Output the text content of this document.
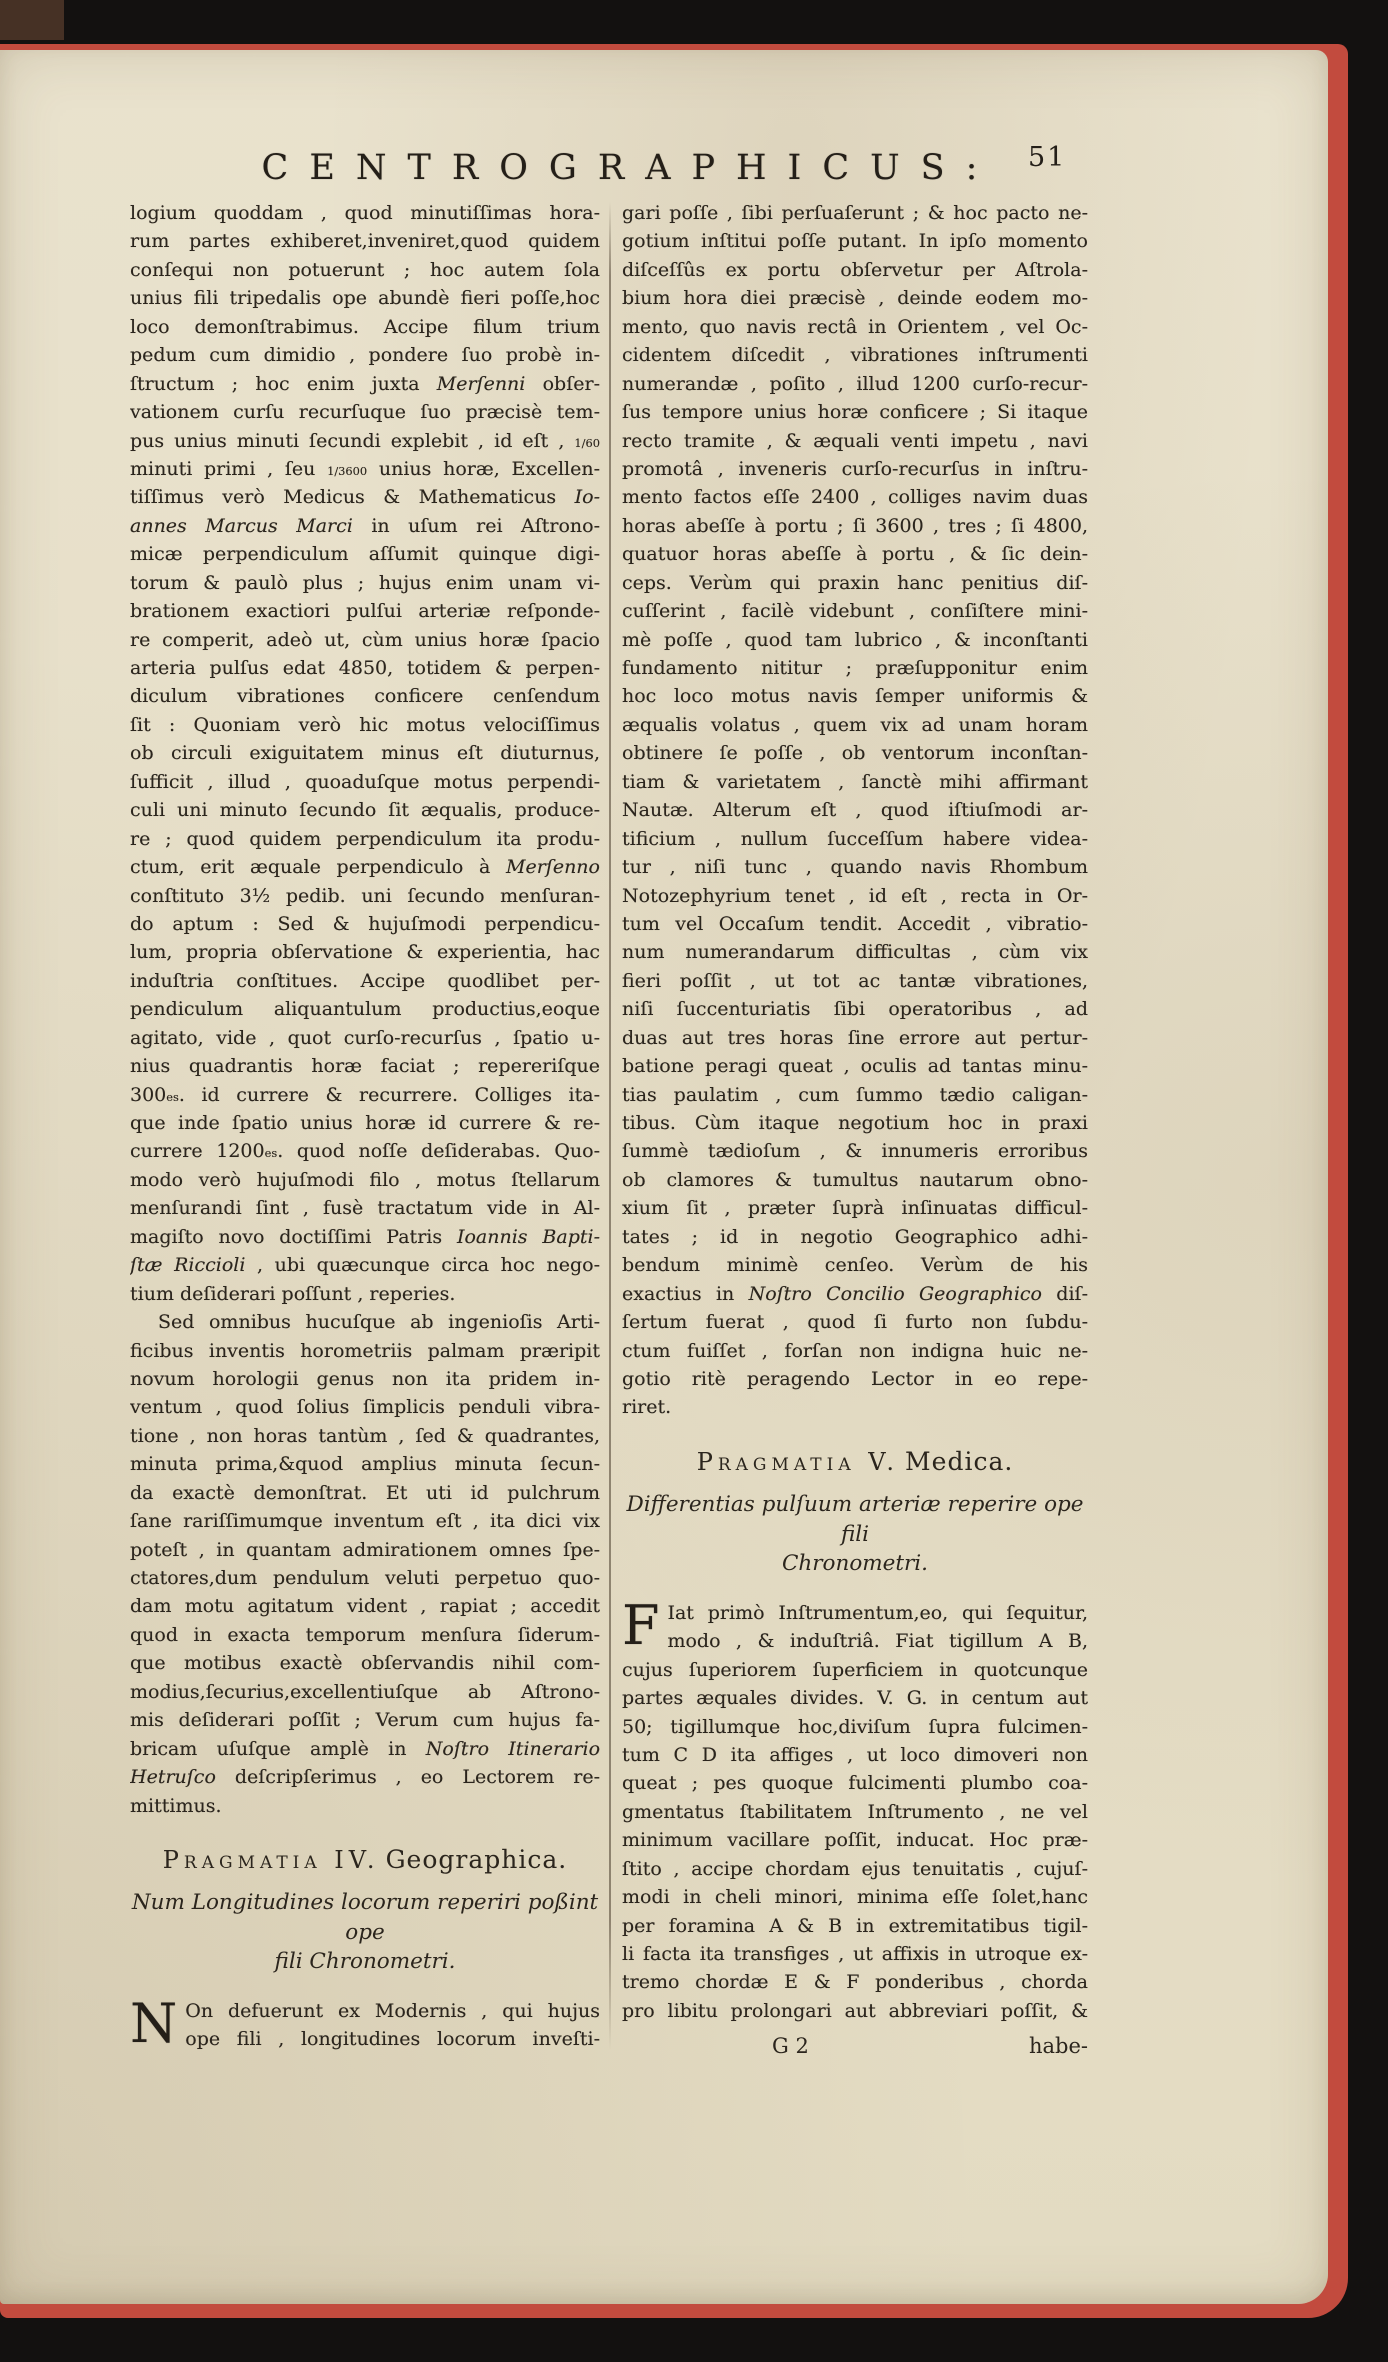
CENTROGRAPHICUS:	51
logium quoddam , quod minutiſſimas hora-
rum partes exhiberet,inveniret,quod quidem
conſequi non potuerunt ; hoc autem ſola
unius fili tripedalis ope abundè fieri poſſe,hoc
loco demonſtrabimus. Accipe filum trium
pedum cum dimidio , pondere ſuo probè in-
ſtructum ; hoc enim juxta Merſenni obſer-
vationem curſu recurſuque ſuo præcisè tem-
pus unius minuti ſecundi explebit , id eſt , $^{1/60}$
minuti primi , ſeu $^{1/3600}$ unius horæ, Excellen-
tiſſimus verò Medicus & Mathematicus Io-
annes Marcus Marci in uſum rei Aſtrono-
micæ perpendiculum aſſumit quinque digi-
torum & paulò plus ; hujus enim unam vi-
brationem exactiori pulſui arteriæ reſponde-
re comperit, adeò ut, cùm unius horæ ſpacio
arteria pulſus edat 4850, totidem & perpen-
diculum vibrationes conficere cenſendum
ſit : Quoniam verò hic motus velociſſimus
ob circuli exiguitatem minus eſt diuturnus,
ſufficit , illud , quoaduſque motus perpendi-
culi uni minuto ſecundo ſit æqualis, produce-
re ; quod quidem perpendiculum ita produ-
ctum, erit æquale perpendiculo à Merſenno
conſtituto 3½ pedib. uni ſecundo menſuran-
do aptum : Sed & hujuſmodi perpendicu-
lum, propria obſervatione & experientia, hac
induſtria conſtitues. Accipe quodlibet per-
pendiculum aliquantulum productius,eoque
agitato, vide , quot curſo-recurſus , ſpatio u-
nius quadrantis horæ faciat ; repereriſque
$300^{es}$. id currere & recurrere. Colliges ita-
que inde ſpatio unius horæ id currere & re-
currere $1200^{es}$. quod noſſe deſiderabas. Quo-
modo verò hujuſmodi filo , motus ſtellarum
menſurandi ſint , fusè tractatum vide in Al-
magiſto novo doctiſſimi Patris Ioannis Bapti-
ſtæ Riccioli , ubi quæcunque circa hoc nego-
tium deſiderari poſſunt , reperies.
Sed omnibus hucuſque ab ingenioſis Arti-
ficibus inventis horometriis palmam præripit
novum horologii genus non ita pridem in-
ventum , quod ſolius ſimplicis penduli vibra-
tione , non horas tantùm , ſed & quadrantes,
minuta prima,&quod amplius minuta ſecun-
da exactè demonſtrat. Et uti id pulchrum
ſane rariſſimumque inventum eſt , ita dici vix
poteſt , in quantam admirationem omnes ſpe-
ctatores,dum pendulum veluti perpetuo quo-
dam motu agitatum vident , rapiat ; accedit
quod in exacta temporum menſura ſiderum-
que motibus exactè obſervandis nihil com-
modius,ſecurius,excellentiuſque ab Aſtrono-
mis deſiderari poſſit ; Verum cum hujus fa-
bricam uſuſque amplè in Noſtro Itinerario
Hetruſco deſcripſerimus , eo Lectorem re-
mittimus.
Pragmatia IV. Geographica.
Num Longitudines locorum reperiri poßint ope
fili Chronometri.
N On defuerunt ex Modernis , qui hujus
ope fili , longitudines locorum inveſti-
gari poſſe , ſibi perſuaſerunt ; & hoc pacto ne-
gotium inſtitui poſſe putant. In ipſo momento
diſceſſûs ex portu obſervetur per Aſtrola-
bium hora diei præcisè , deinde eodem mo-
mento, quo navis rectâ in Orientem , vel Oc-
cidentem diſcedit , vibrationes inſtrumenti
numerandæ , poſito , illud 1200 curſo-recur-
ſus tempore unius horæ conficere ; Si itaque
recto tramite , & æquali venti impetu , navi
promotâ , inveneris curſo-recurſus in inſtru-
mento factos eſſe 2400 , colliges navim duas
horas abeſſe à portu ; ſi 3600 , tres ; ſi 4800,
quatuor horas abeſſe à portu , & ſic dein-
ceps. Verùm qui praxin hanc penitius diſ-
cuſſerint , facilè videbunt , conſiſtere mini-
mè poſſe , quod tam lubrico , & inconſtanti
fundamento nititur ; præſupponitur enim
hoc loco motus navis ſemper uniformis &
æqualis volatus , quem vix ad unam horam
obtinere ſe poſſe , ob ventorum inconſtan-
tiam & varietatem , ſanctè mihi affirmant
Nautæ. Alterum eſt , quod iſtiuſmodi ar-
tificium , nullum ſucceſſum habere videa-
tur , niſi tunc , quando navis Rhombum
Notozephyrium tenet , id eſt , recta in Or-
tum vel Occaſum tendit. Accedit , vibratio-
num numerandarum difficultas , cùm vix
fieri poſſit , ut tot ac tantæ vibrationes,
niſi ſuccenturiatis ſibi operatoribus , ad
duas aut tres horas ſine errore aut pertur-
batione peragi queat , oculis ad tantas minu-
tias paulatim , cum ſummo tædio caligan-
tibus. Cùm itaque negotium hoc in praxi
ſummè tædioſum , & innumeris erroribus
ob clamores & tumultus nautarum obno-
xium ſit , præter ſuprà inſinuatas difficul-
tates ; id in negotio Geographico adhi-
bendum minimè cenſeo. Verùm de his
exactius in Noſtro Concilio Geographico diſ-
ſertum fuerat , quod ſi furto non ſubdu-
ctum fuiſſet , forſan non indigna huic ne-
gotio ritè peragendo Lector in eo repe-
riret.
Pragmatia V. Medica.
Differentias pulſuum arteriæ reperire ope fili
Chronometri.
F Iat primò Inſtrumentum,eo, qui ſequitur,
modo , & induſtriâ. Fiat tigillum A B,
cujus ſuperiorem ſuperficiem in quotcunque
partes æquales divides. V. G. in centum aut
50; tigillumque hoc,diviſum ſupra fulcimen-
tum C D ita affiges , ut loco dimoveri non
queat ; pes quoque fulcimenti plumbo coa-
gmentatus ſtabilitatem Inſtrumento , ne vel
minimum vacillare poſſit, inducat. Hoc præ-
ſtito , accipe chordam ejus tenuitatis , cujuſ-
modi in cheli minori, minima eſſe ſolet,hanc
per foramina A & B in extremitatibus tigil-
li facta ita transfiges , ut affixis in utroque ex-
tremo chordæ E & F ponderibus , chorda
pro libitu prolongari aut abbreviari poſſit, &
G 2	habe-
